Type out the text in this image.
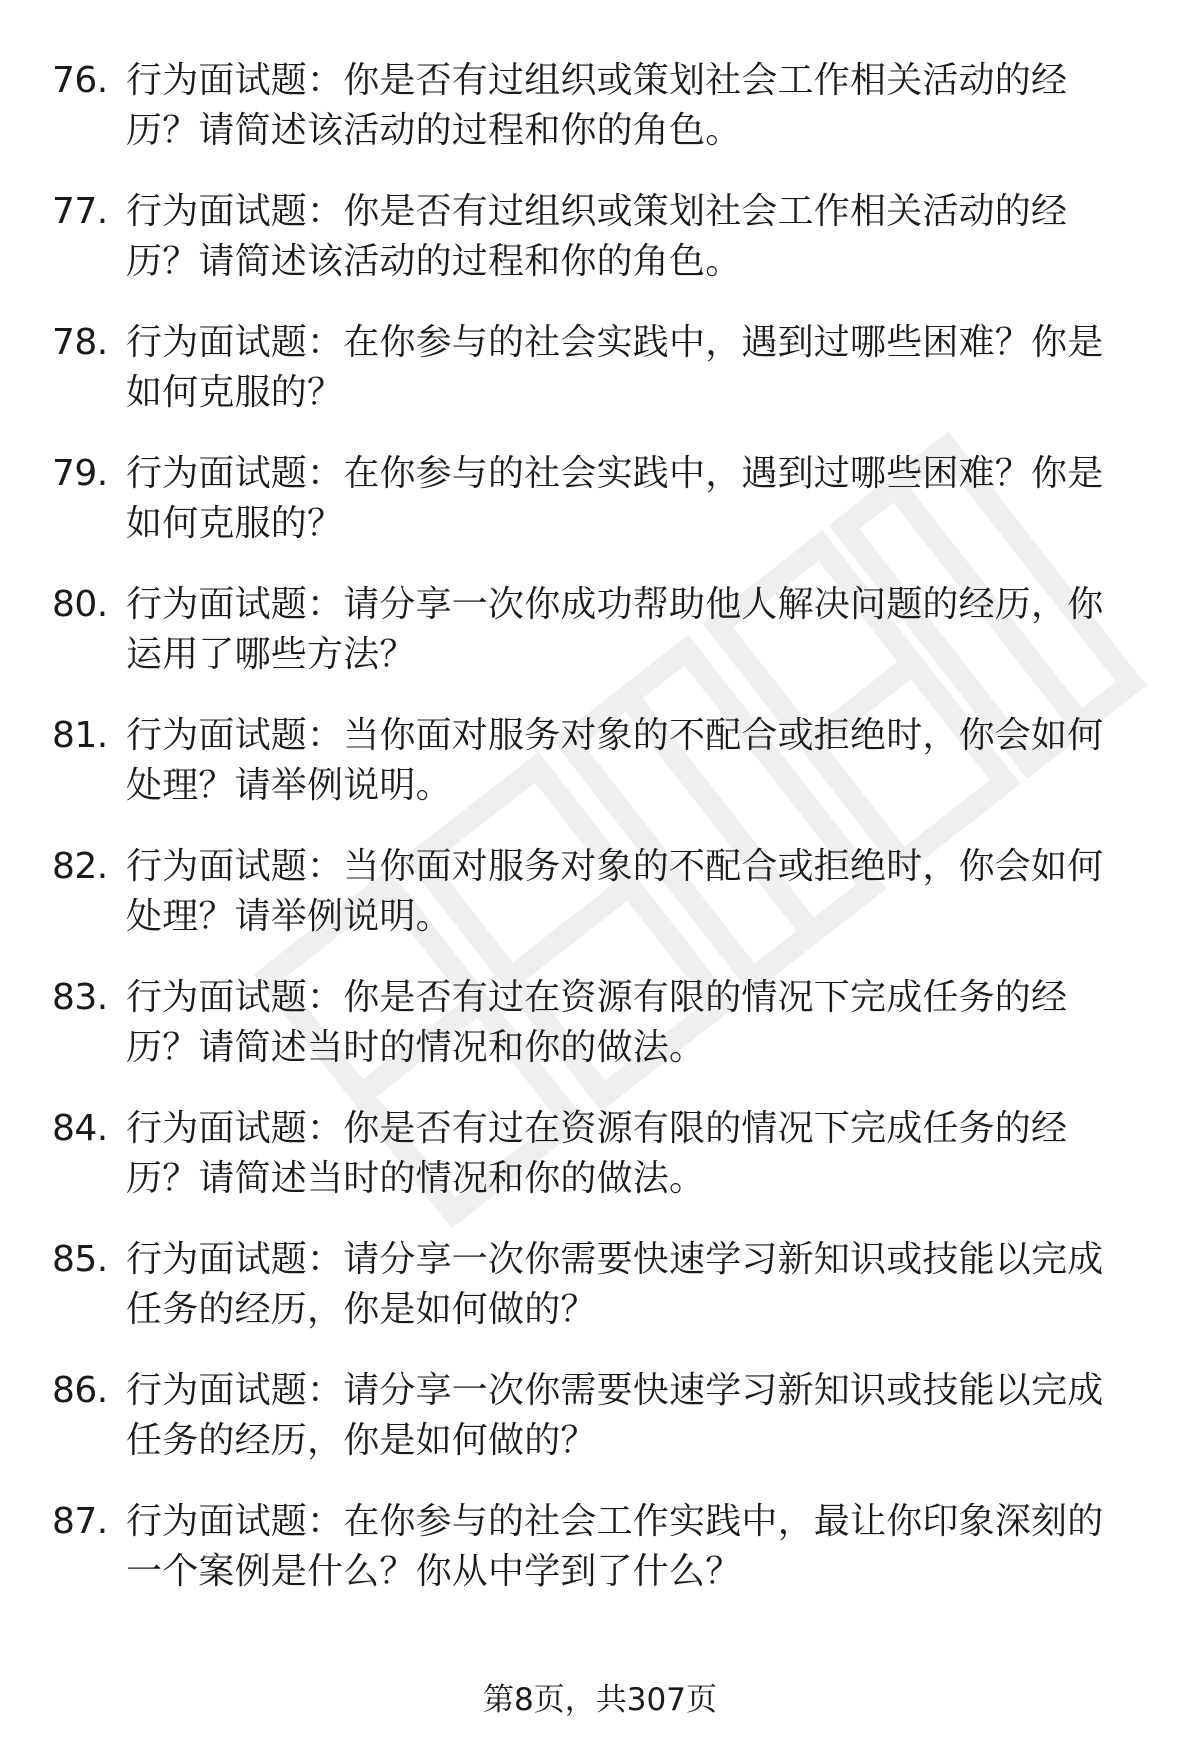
76. 行为面试题：你是否有过组织或策划社会工作相关活动的经历？请简述该活动的过程和你的角色。
77. 行为面试题：你是否有过组织或策划社会工作相关活动的经历？请简述该活动的过程和你的角色。
78. 行为面试题：在你参与的社会实践中，遇到过哪些困难？你是如何克服的？
79. 行为面试题：在你参与的社会实践中，遇到过哪些困难？你是如何克服的？
80. 行为面试题：请分享一次你成功帮助他人解决问题的经历，你运用了哪些方法？
81. 行为面试题：当你面对服务对象的不配合或拒绝时，你会如何处理？请举例说明。
82. 行为面试题：当你面对服务对象的不配合或拒绝时，你会如何处理？请举例说明。
83. 行为面试题：你是否有过在资源有限的情况下完成任务的经历？请简述当时的情况和你的做法。
84. 行为面试题：你是否有过在资源有限的情况下完成任务的经历？请简述当时的情况和你的做法。
85. 行为面试题：请分享一次你需要快速学习新知识或技能以完成任务的经历，你是如何做的？
86. 行为面试题：请分享一次你需要快速学习新知识或技能以完成任务的经历，你是如何做的？
87. 行为面试题：在你参与的社会工作实践中，最让你印象深刻的一个案例是什么？你从中学到了什么？
第8页，共307页
